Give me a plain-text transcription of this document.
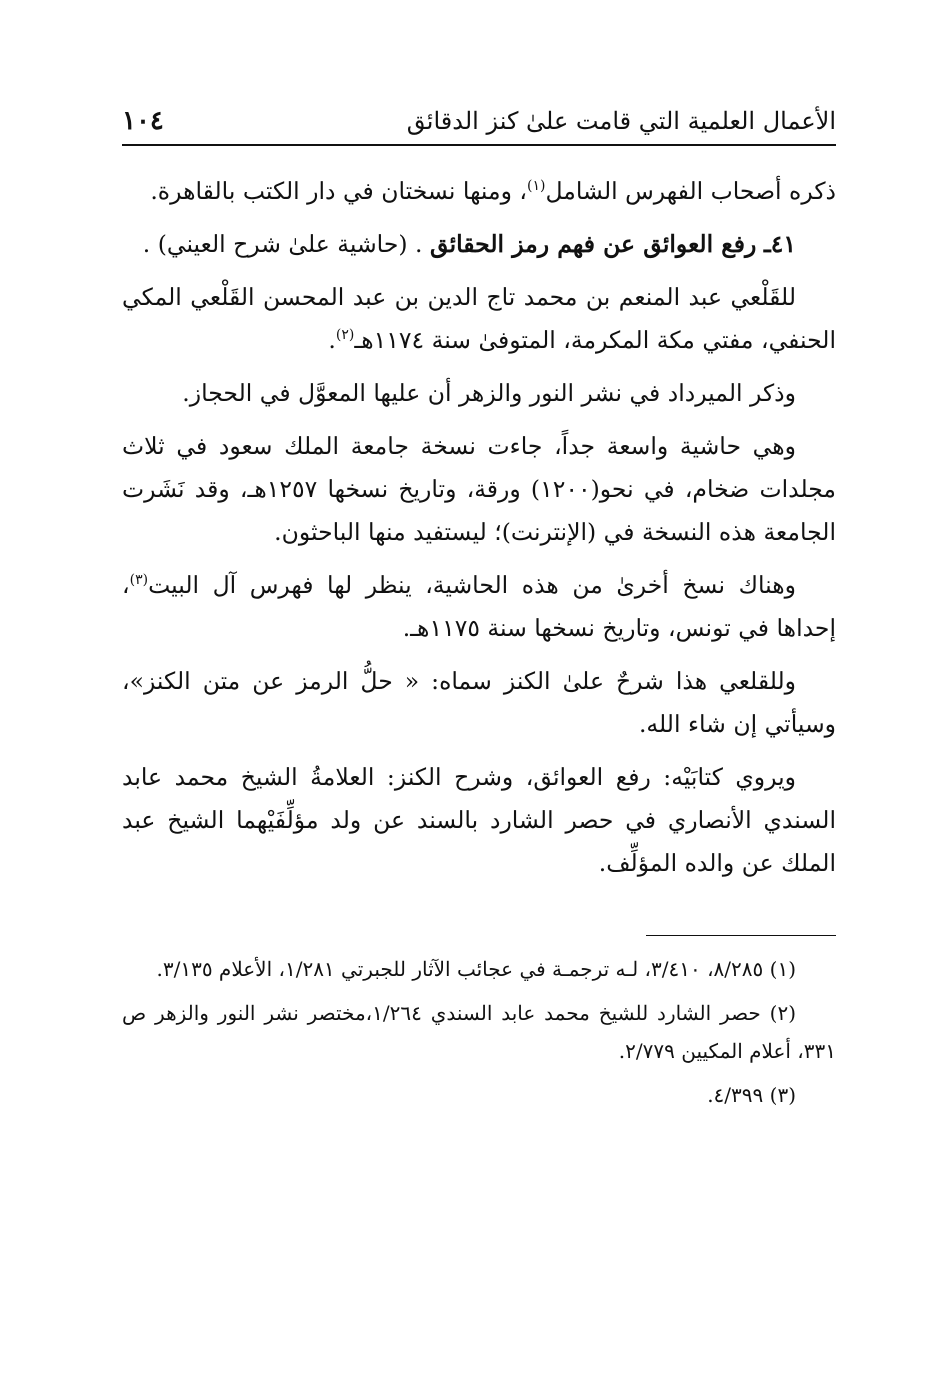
الأعمال العلمية التي قامت علىٰ كنز الدقائق
١٠٤

ذكره أصحاب الفهرس الشامل$^{(١)}$، ومنها نسختان في دار الكتب بالقاهرة.

٤١ـ رفع العوائق عن فهم رمز الحقائق . (حاشية علىٰ شرح العيني) .

للقَلْعي عبد المنعم بن محمد تاج الدين بن عبد المحسن القَلْعي المكي الحنفي، مفتي مكة المكرمة، المتوفىٰ سنة ١١٧٤هـ$^{(٢)}$.

وذكر الميرداد في نشر النور والزهر أن عليها المعوَّل في الحجاز.

وهي حاشية واسعة جداً، جاءت نسخة جامعة الملك سعود في ثلاث مجلدات ضخام، في نحو(١٢٠٠) ورقة، وتاريخ نسخها ١٢٥٧هـ، وقد نَشَرت الجامعة هذه النسخة في (الإنترنت)؛ ليستفيد منها الباحثون.

وهناك نسخ أخرىٰ من هذه الحاشية، ينظر لها فهرس آل البيت$^{(٣)}$، إحداها في تونس، وتاريخ نسخها سنة ١١٧٥هـ.

وللقلعي هذا شرحٌ علىٰ الكنز سماه: « حلُّ الرمز عن متن الكنز»، وسيأتي إن شاء الله.

ويروي كتابَيْه: رفع العوائق، وشرح الكنز: العلامةُ الشيخ محمد عابد السندي الأنصاري في حصر الشارد بالسند عن ولد مؤلِّفَيْهما الشيخ عبد الملك عن والده المؤلِّف.

(١) ٨/٢٨٥، ٣/٤١٠، لـه ترجمـة في عجائب الآثار للجبرتي ١/٢٨١، الأعلام ٣/١٣٥.

(٢) حصر الشارد للشيخ محمد عابد السندي ١/٢٦٤،مختصر نشر النور والزهر ص ٣٣١، أعلام المكيين ٢/٧٧٩.

(٣) ٤/٣٩٩.
